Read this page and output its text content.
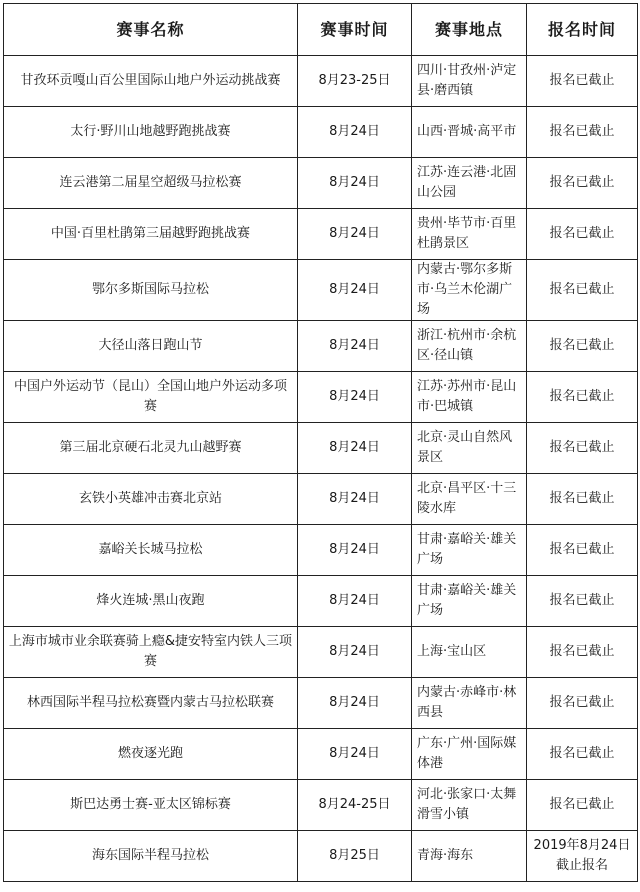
赛事名称	赛事时间	赛事地点	报名时间
甘孜环贡嘎山百公里国际山地户外运动挑战赛	8月23-25日	四川·甘孜州·泸定县·磨西镇	报名已截止
太行·野川山地越野跑挑战赛	8月24日	山西·晋城·高平市	报名已截止
连云港第二届星空超级马拉松赛	8月24日	江苏·连云港·北固山公园	报名已截止
中国·百里杜鹃第三届越野跑挑战赛	8月24日	贵州·毕节市·百里杜鹃景区	报名已截止
鄂尔多斯国际马拉松	8月24日	内蒙古·鄂尔多斯市·乌兰木伦湖广场	报名已截止
大径山落日跑山节	8月24日	浙江·杭州市·余杭区·径山镇	报名已截止
中国户外运动节（昆山）全国山地户外运动多项赛	8月24日	江苏·苏州市·昆山市·巴城镇	报名已截止
第三届北京硬石北灵九山越野赛	8月24日	北京·灵山自然风景区	报名已截止
玄铁小英雄冲击赛北京站	8月24日	北京·昌平区·十三陵水库	报名已截止
嘉峪关长城马拉松	8月24日	甘肃·嘉峪关·雄关广场	报名已截止
烽火连城·黑山夜跑	8月24日	甘肃·嘉峪关·雄关广场	报名已截止
上海市城市业余联赛骑上瘾&捷安特室内铁人三项赛	8月24日	上海·宝山区	报名已截止
林西国际半程马拉松赛暨内蒙古马拉松联赛	8月24日	内蒙古·赤峰市·林西县	报名已截止
燃夜逐光跑	8月24日	广东·广州·国际媒体港	报名已截止
斯巴达勇士赛-亚太区锦标赛	8月24-25日	河北·张家口·太舞滑雪小镇	报名已截止
海东国际半程马拉松	8月25日	青海·海东	2019年8月24日截止报名
